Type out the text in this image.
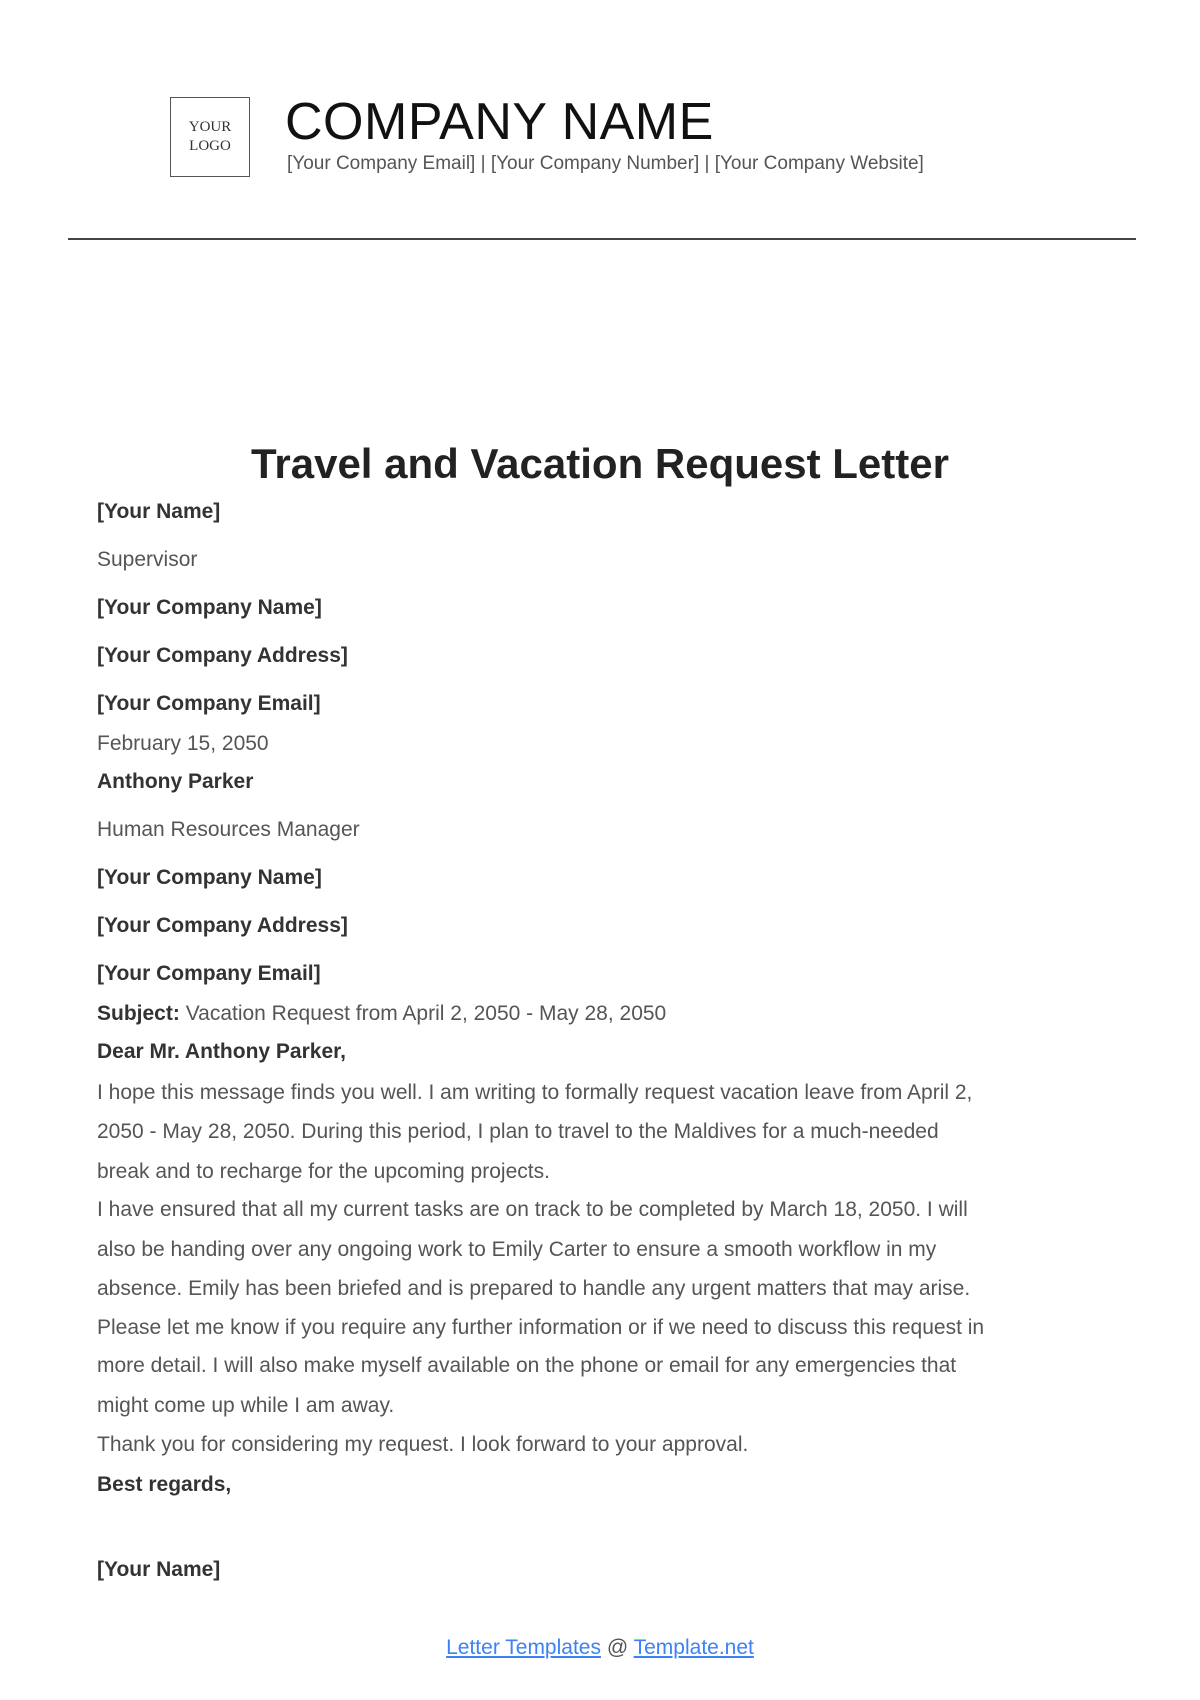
YOUR
LOGO COMPANY NAME
[Your Company Email] | [Your Company Number] | [Your Company Website]
Travel and Vacation Request Letter
[Your Name]
Supervisor
[Your Company Name]
[Your Company Address]
[Your Company Email]
February 15, 2050
Anthony Parker
Human Resources Manager
[Your Company Name]
[Your Company Address]
[Your Company Email]
Subject: Vacation Request from April 2, 2050 - May 28, 2050
Dear Mr. Anthony Parker,
I hope this message finds you well. I am writing to formally request vacation leave from April 2,
2050 - May 28, 2050. During this period, I plan to travel to the Maldives for a much-needed
break and to recharge for the upcoming projects.
I have ensured that all my current tasks are on track to be completed by March 18, 2050. I will
also be handing over any ongoing work to Emily Carter to ensure a smooth workflow in my
absence. Emily has been briefed and is prepared to handle any urgent matters that may arise.
Please let me know if you require any further information or if we need to discuss this request in
more detail. I will also make myself available on the phone or email for any emergencies that
might come up while I am away.
Thank you for considering my request. I look forward to your approval.
Best regards,
[Your Name]
Letter Templates @ Template.net
